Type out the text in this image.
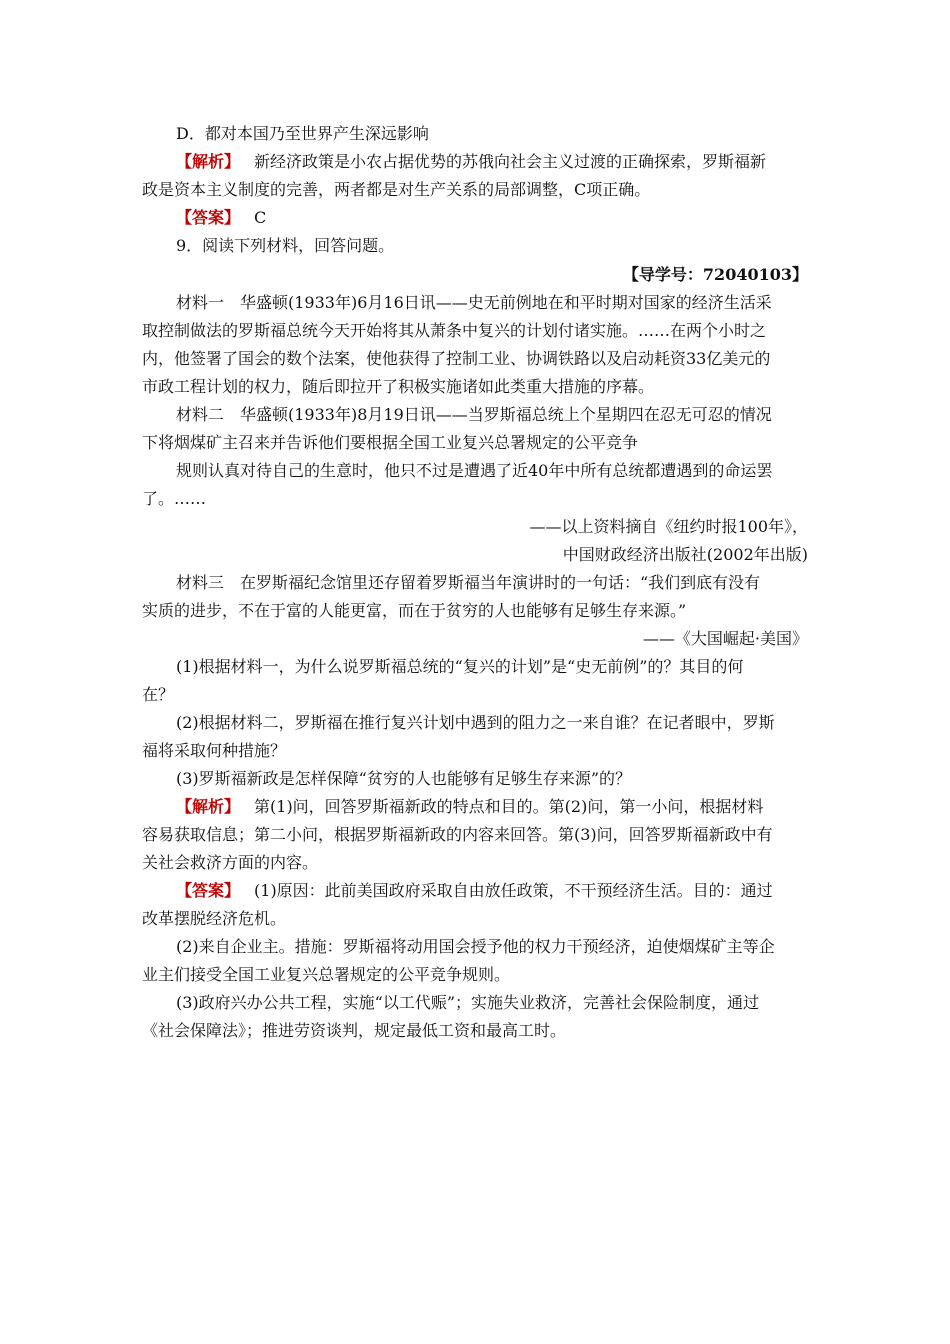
D．都对本国乃至世界产生深远影响
【解析】 新经济政策是小农占据优势的苏俄向社会主义过渡的正确探索，罗斯福新
政是资本主义制度的完善，两者都是对生产关系的局部调整，C项正确。
【答案】 C
9．阅读下列材料，回答问题。
【导学号：72040103】
材料一　华盛顿(1933年)6月16日讯——史无前例地在和平时期对国家的经济生活采
取控制做法的罗斯福总统今天开始将其从萧条中复兴的计划付诸实施。……在两个小时之
内，他签署了国会的数个法案，使他获得了控制工业、协调铁路以及启动耗资33亿美元的
市政工程计划的权力，随后即拉开了积极实施诸如此类重大措施的序幕。
材料二　华盛顿(1933年)8月19日讯——当罗斯福总统上个星期四在忍无可忍的情况
下将烟煤矿主召来并告诉他们要根据全国工业复兴总署规定的公平竞争
规则认真对待自己的生意时，他只不过是遭遇了近40年中所有总统都遭遇到的命运罢
了。……
——以上资料摘自《纽约时报100年》，
中国财政经济出版社(2002年出版)
材料三　在罗斯福纪念馆里还存留着罗斯福当年演讲时的一句话：“我们到底有没有
实质的进步，不在于富的人能更富，而在于贫穷的人也能够有足够生存来源。”
——《大国崛起·美国》
(1)根据材料一，为什么说罗斯福总统的“复兴的计划”是“史无前例”的？其目的何
在？
(2)根据材料二，罗斯福在推行复兴计划中遇到的阻力之一来自谁？在记者眼中，罗斯
福将采取何种措施？
(3)罗斯福新政是怎样保障“贫穷的人也能够有足够生存来源”的？
【解析】 第(1)问，回答罗斯福新政的特点和目的。第(2)问，第一小问，根据材料
容易获取信息；第二小问，根据罗斯福新政的内容来回答。第(3)问，回答罗斯福新政中有
关社会救济方面的内容。
【答案】 (1)原因：此前美国政府采取自由放任政策，不干预经济生活。目的：通过
改革摆脱经济危机。
(2)来自企业主。措施：罗斯福将动用国会授予他的权力干预经济，迫使烟煤矿主等企
业主们接受全国工业复兴总署规定的公平竞争规则。
(3)政府兴办公共工程，实施“以工代赈”；实施失业救济，完善社会保险制度，通过
《社会保障法》；推进劳资谈判，规定最低工资和最高工时。
